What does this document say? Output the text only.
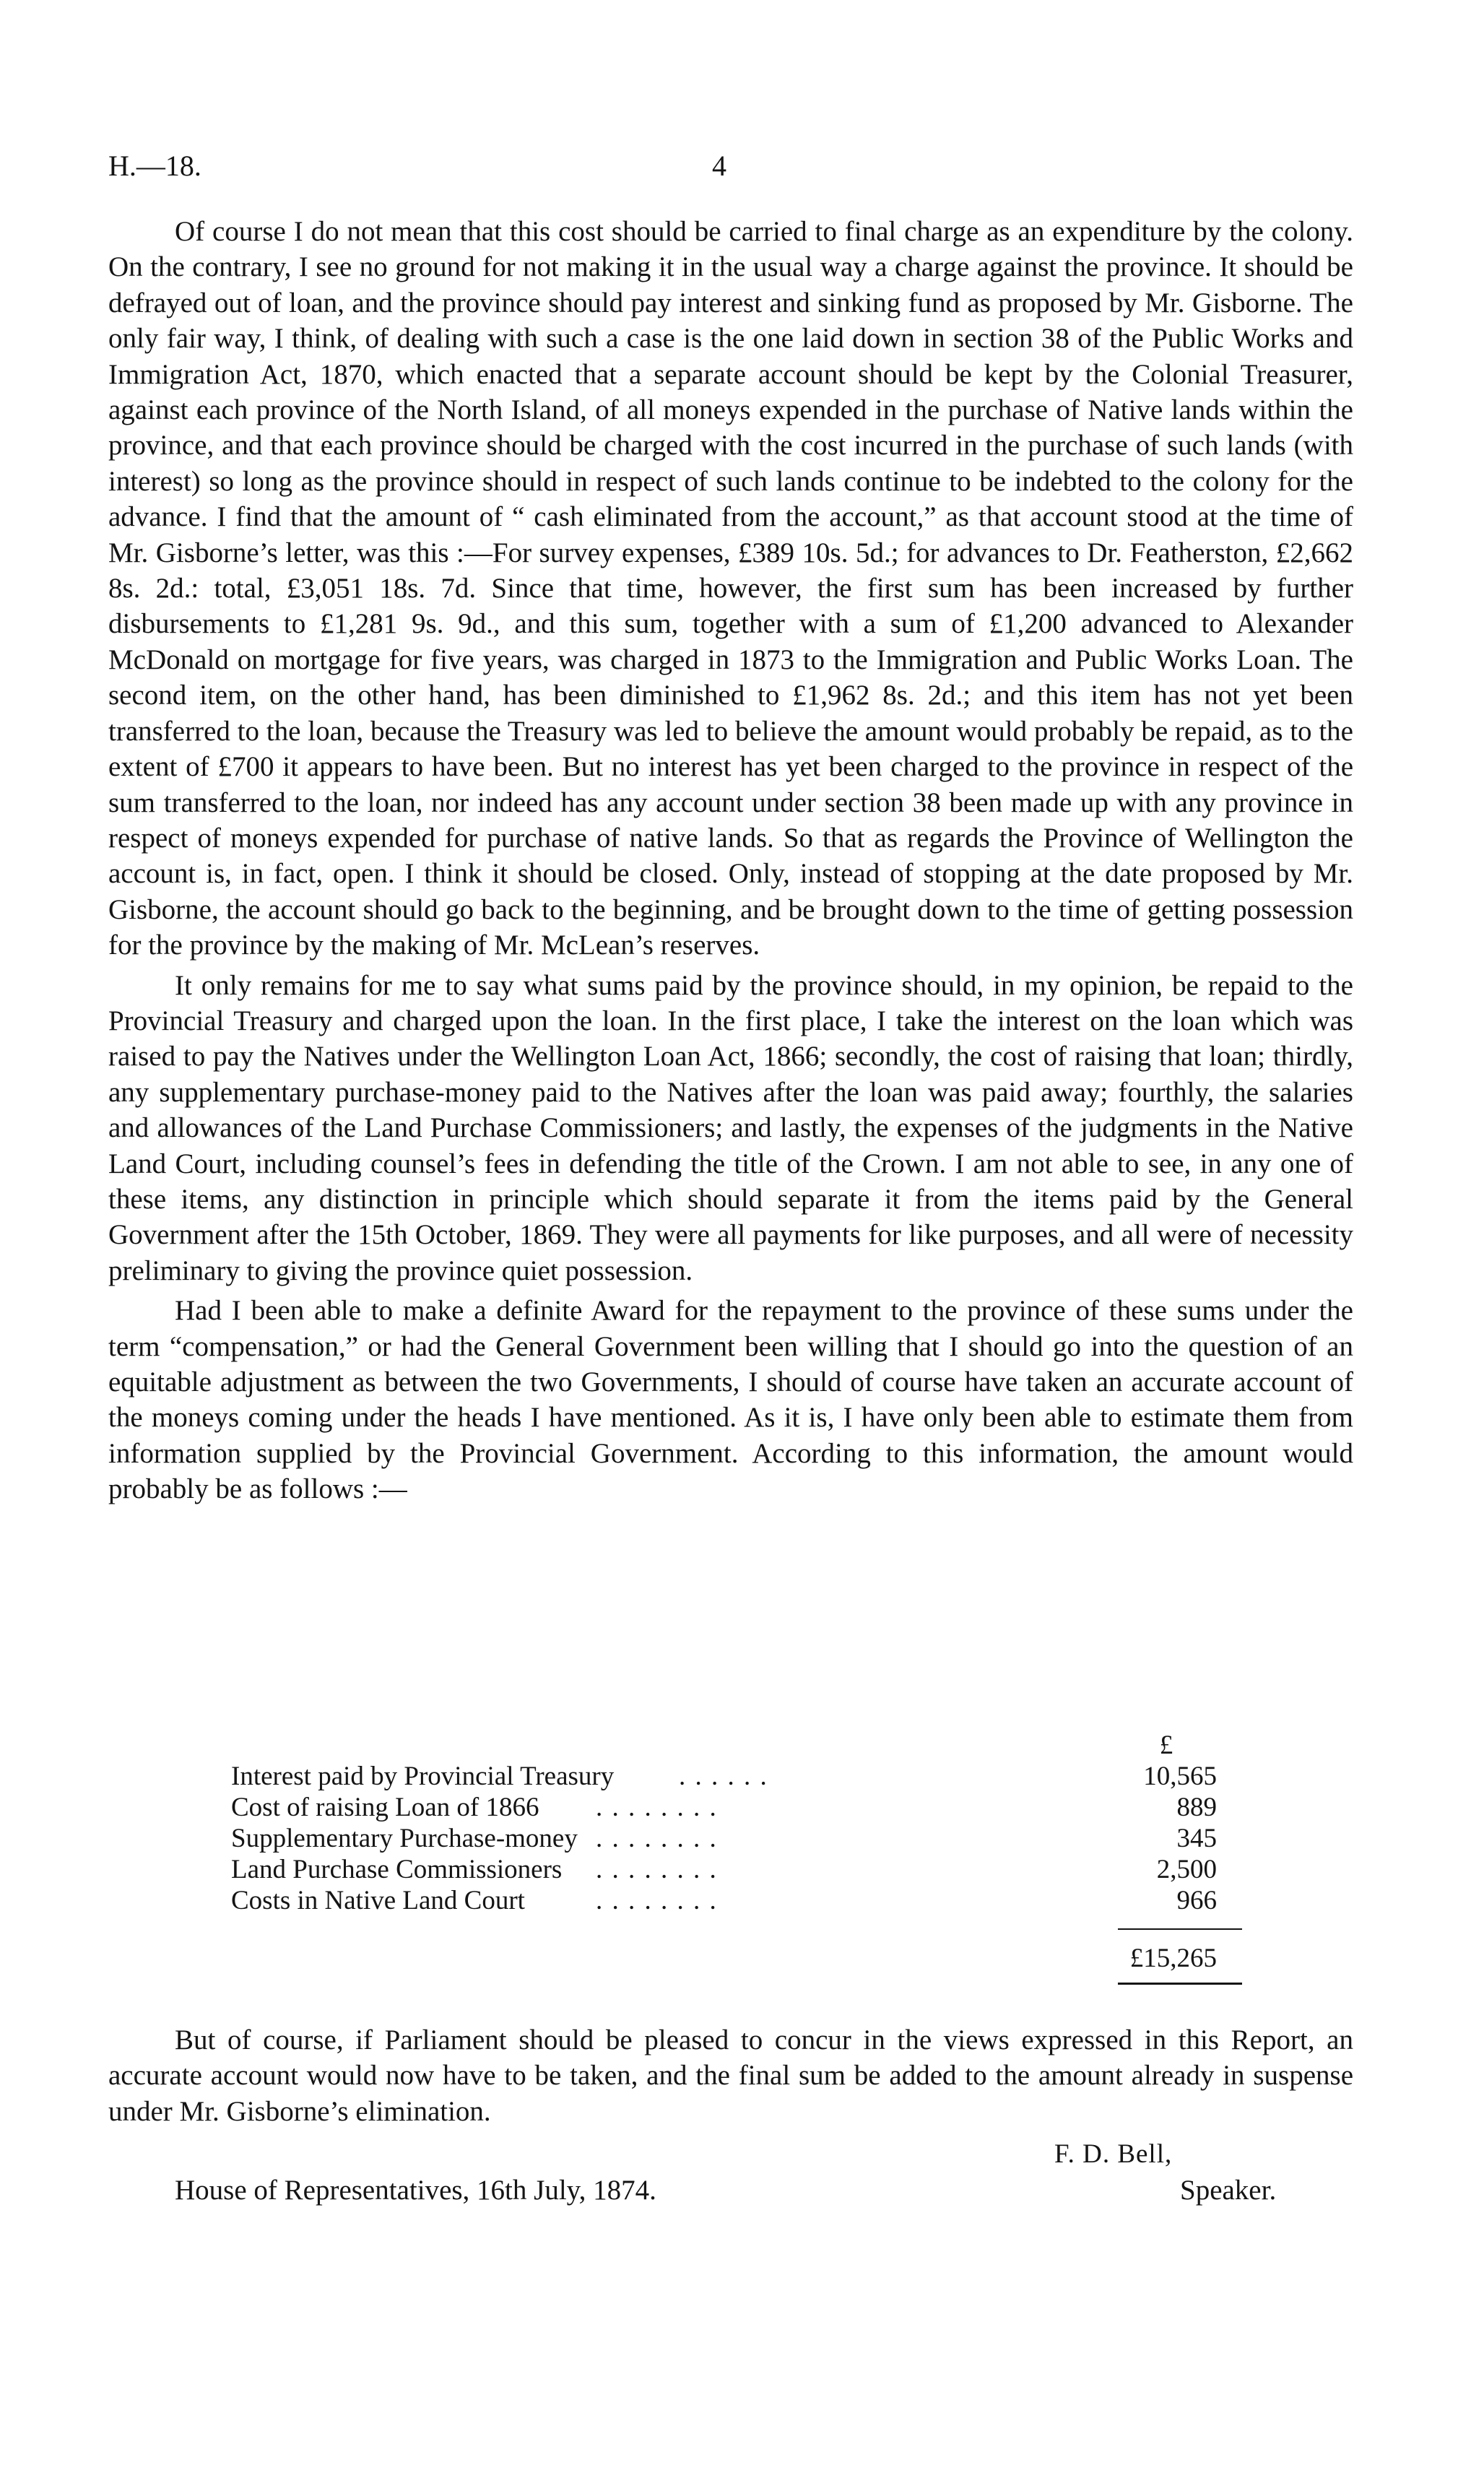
H.—18.	4

Of course I do not mean that this cost should be carried to final charge as an expenditure by the colony. On the contrary, I see no ground for not making it in the usual way a charge against the province. It should be defrayed out of loan, and the province should pay interest and sinking fund as proposed by Mr. Gisborne. The only fair way, I think, of dealing with such a case is the one laid down in section 38 of the Public Works and Immigration Act, 1870, which enacted that a separate account should be kept by the Colonial Treasurer, against each province of the North Island, of all moneys expended in the purchase of Native lands within the province, and that each province should be charged with the cost incurred in the purchase of such lands (with interest) so long as the province should in respect of such lands continue to be indebted to the colony for the advance. I find that the amount of “ cash eliminated from the account,” as that account stood at the time of Mr. Gisborne’s letter, was this :—For survey expenses, £389 10s. 5d.; for advances to Dr. Featherston, £2,662 8s. 2d.: total, £3,051 18s. 7d. Since that time, however, the first sum has been increased by further disbursements to £1,281 9s. 9d., and this sum, together with a sum of £1,200 advanced to Alexander McDonald on mortgage for five years, was charged in 1873 to the Immigration and Public Works Loan. The second item, on the other hand, has been diminished to £1,962 8s. 2d.; and this item has not yet been transferred to the loan, because the Treasury was led to believe the amount would probably be repaid, as to the extent of £700 it appears to have been. But no interest has yet been charged to the province in respect of the sum transferred to the loan, nor indeed has any account under section 38 been made up with any province in respect of moneys expended for purchase of native lands. So that as regards the Province of Wellington the account is, in fact, open. I think it should be closed. Only, instead of stopping at the date proposed by Mr. Gisborne, the account should go back to the beginning, and be brought down to the time of getting possession for the province by the making of Mr. McLean’s reserves.

It only remains for me to say what sums paid by the province should, in my opinion, be repaid to the Provincial Treasury and charged upon the loan. In the first place, I take the interest on the loan which was raised to pay the Natives under the Wellington Loan Act, 1866; secondly, the cost of raising that loan; thirdly, any supplementary purchase-money paid to the Natives after the loan was paid away; fourthly, the salaries and allowances of the Land Purchase Commissioners; and lastly, the expenses of the judgments in the Native Land Court, including counsel’s fees in defending the title of the Crown. I am not able to see, in any one of these items, any distinction in principle which should separate it from the items paid by the General Government after the 15th October, 1869. They were all payments for like purposes, and all were of necessity preliminary to giving the province quiet possession.

Had I been able to make a definite Award for the repayment to the province of these sums under the term “compensation,” or had the General Government been willing that I should go into the question of an equitable adjustment as between the two Governments, I should of course have taken an accurate account of the moneys coming under the heads I have mentioned. As it is, I have only been able to estimate them from information supplied by the Provincial Government. According to this information, the amount would probably be as follows :—

£
Interest paid by Provincial Treasury . . . . . .	10,565
Cost of raising Loan of 1866 . . . . . . . .	889
Supplementary Purchase-money . . . . . . . .	345
Land Purchase Commissioners . . . . . . . .	2,500
Costs in Native Land Court	. . . . . . . .	966
£15,265

But of course, if Parliament should be pleased to concur in the views expressed in this Report, an accurate account would now have to be taken, and the final sum be added to the amount already in suspense under Mr. Gisborne’s elimination.

F. D. Bell,
House of Representatives, 16th July, 1874.	Speaker.
